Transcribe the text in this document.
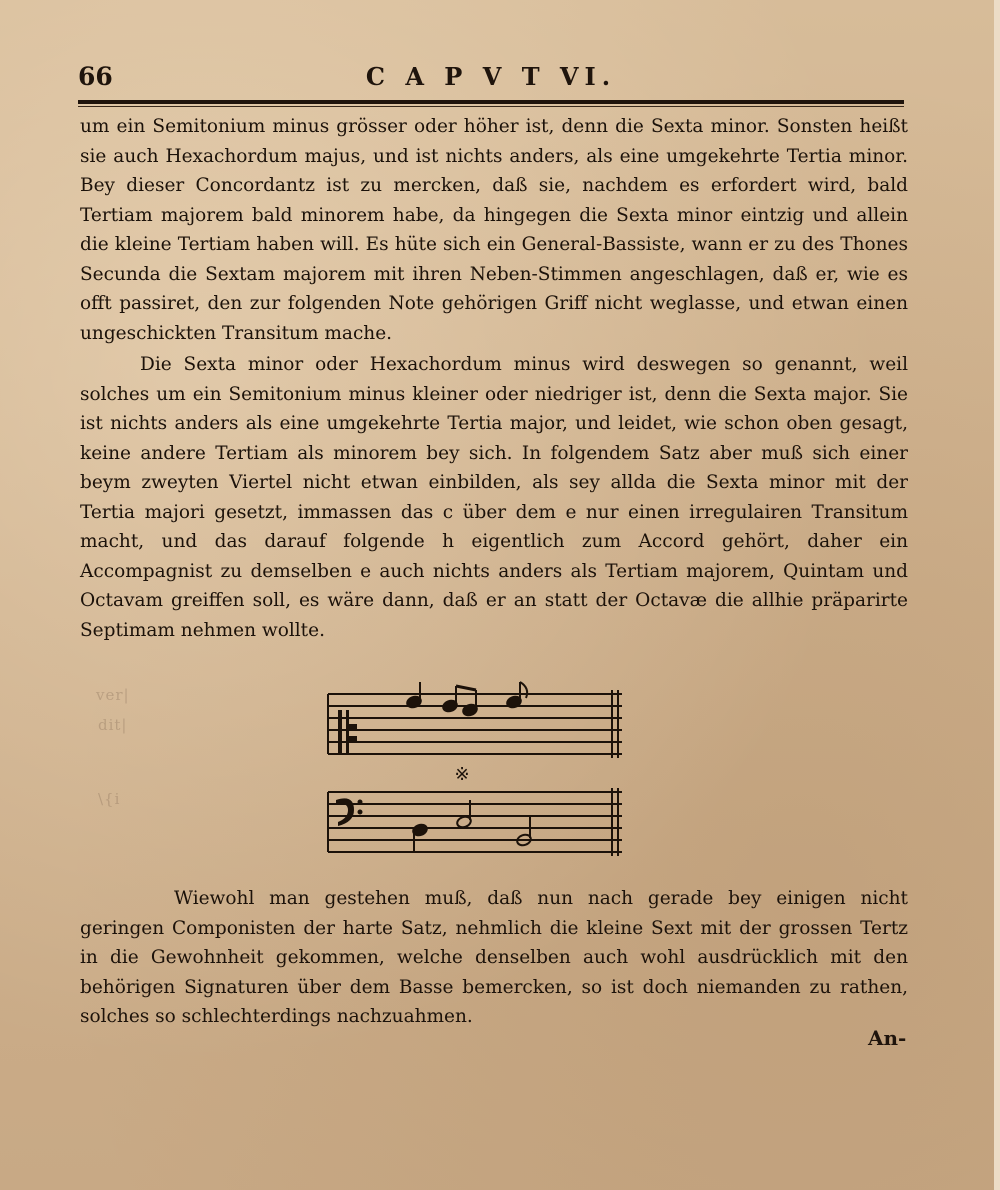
ver|
dit|
\{i
C A P V T VI.
66

um ein Semitonium minus grösser oder höher ist, denn die Sexta minor. Sonsten heißt sie auch Hexachordum majus, und ist nichts anders, als eine umgekehrte Tertia minor. Bey dieser Concordantz ist zu mercken, daß sie, nachdem es erfordert wird, bald Tertiam majorem bald minorem habe, da hingegen die Sexta minor eintzig und allein die kleine Tertiam haben will. Es hüte sich ein General-Bassiste, wann er zu des Thones Secunda die Sextam majorem mit ihren Neben-Stimmen angeschlagen, daß er, wie es offt passiret, den zur folgenden Note gehörigen Griff nicht weglasse, und etwan einen ungeschickten Transitum mache.

Die Sexta minor oder Hexachordum minus wird deswegen so genannt, weil solches um ein Semitonium minus kleiner oder niedriger ist, denn die Sexta major. Sie ist nichts anders als eine umgekehrte Tertia major, und leidet, wie schon oben gesagt, keine andere Tertiam als minorem bey sich. In folgendem Satz aber muß sich einer beym zweyten Viertel nicht etwan einbilden, als sey allda die Sexta minor mit der Tertia majori gesetzt, immassen das c über dem e nur einen irregulairen Transitum macht, und das darauf folgende h eigentlich zum Accord gehört, daher ein Accompagnist zu demselben e auch nichts anders als Tertiam majorem, Quintam und Octavam greiffen soll, es wäre dann, daß er an statt der Octavæ die allhie präparirte Septimam nehmen wollte.

※

Wiewohl man gestehen muß, daß nun nach gerade bey einigen nicht geringen Componisten der harte Satz, nehmlich die kleine Sext mit der grossen Tertz in die Gewohnheit gekommen, welche denselben auch wohl ausdrücklich mit den behörigen Signaturen über dem Basse bemercken, so ist doch niemanden zu rathen, solches so schlechterdings nachzuahmen.

An-
